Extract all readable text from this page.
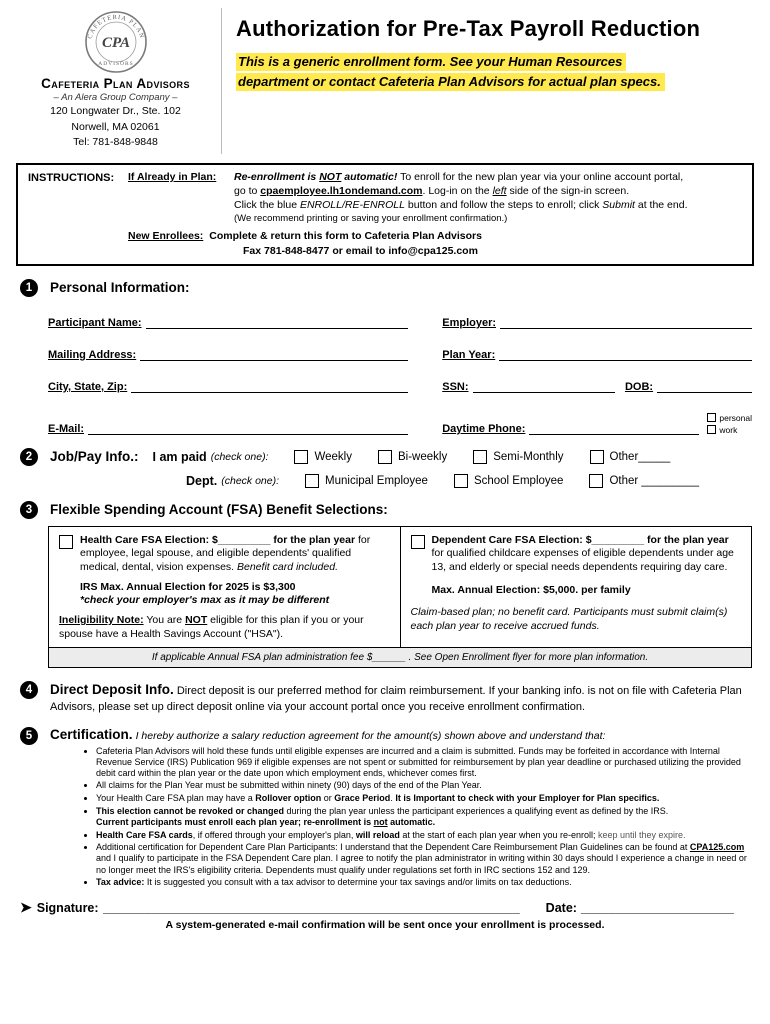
CAFETERIA PLAN
CPA
ADVISORS
Cafeteria Plan Advisors
– An Alera Group Company –
120 Longwater Dr., Ste. 102
Norwell, MA 02061
Tel: 781-848-9848
Authorization for Pre-Tax Payroll Reduction
This is a generic enrollment form. See your Human Resources
department or contact Cafeteria Plan Advisors for actual plan specs.
INSTRUCTIONS:	If Already in Plan:	Re-enrollment is NOT automatic! To enroll for the new plan year via your online account portal,
go to cpaemployee.lh1ondemand.com. Log-in on the left side of the sign-in screen.
Click the blue ENROLL/RE-ENROLL button and follow the steps to enroll; click Submit at the end.
(We recommend printing or saving your enrollment confirmation.)
New Enrollees: Complete & return this form to Cafeteria Plan Advisors
Fax 781-848-8477 or email to info@cpa125.com
1	Personal Information:
Participant Name:	Employer:
Mailing Address:	Plan Year:
City, State, Zip:	SSN:	DOB:
E-Mail:	Daytime Phone:
personal
work
2	Job/Pay Info.: I am paid (check one):	Weekly	Bi-weekly	Semi-Monthly	Other_____
Dept. (check one):	Municipal Employee	School Employee	Other _________
3	Flexible Spending Account (FSA) Benefit Selections:
Health Care FSA Election: $_________ for the plan year for employee, legal spouse, and eligible dependents' qualified medical, dental, vision expenses. Benefit card included.
IRS Max. Annual Election for 2025 is $3,300
*check your employer's max as it may be different
Ineligibility Note: You are NOT eligible for this plan if you or your spouse have a Health Savings Account ("HSA").
Dependent Care FSA Election: $_________ for the plan year for qualified childcare expenses of eligible dependents under age 13, and elderly or special needs dependents requiring day care.
Max. Annual Election: $5,000. per family
Claim-based plan; no benefit card. Participants must submit claim(s) each plan year to receive accrued funds.
If applicable Annual FSA plan administration fee $______ . See Open Enrollment flyer for more plan information.
4	Direct Deposit Info. Direct deposit is our preferred method for claim reimbursement. If your banking info. is not on file with Cafeteria Plan Advisors, please set up direct deposit online via your account portal once you receive enrollment confirmation.
5	Certification. I hereby authorize a salary reduction agreement for the amount(s) shown above and understand that:
• Cafeteria Plan Advisors will hold these funds until eligible expenses are incurred and a claim is submitted. Funds may be forfeited in accordance with Internal Revenue Service (IRS) Publication 969 if eligible expenses are not spent or submitted for reimbursement by plan year deadline or purchased utilizing the provided debit card within the plan year or the date upon which employment ends, whichever comes first.
• All claims for the Plan Year must be submitted within ninety (90) days of the end of the Plan Year.
• Your Health Care FSA plan may have a Rollover option or Grace Period. It is Important to check with your Employer for Plan specifics.
• This election cannot be revoked or changed during the plan year unless the participant experiences a qualifying event as defined by the IRS.
Current participants must enroll each plan year; re-enrollment is not automatic.
• Health Care FSA cards, if offered through your employer's plan, will reload at the start of each plan year when you re-enroll; keep until they expire.
• Additional certification for Dependent Care Plan Participants: I understand that the Dependent Care Reimbursement Plan Guidelines can be found at CPA125.com and I qualify to participate in the FSA Dependent Care plan. I agree to notify the plan administrator in writing within 30 days should I experience a change in need or no longer meet the IRS's eligibility criteria. Dependents must qualify under regulations set forth in IRC sections 152 and 129.
• Tax advice: It is suggested you consult with a tax advisor to determine your tax savings and/or limits on tax deductions.
➤ Signature: ____________________________________________________________ Date: ______________________
A system-generated e-mail confirmation will be sent once your enrollment is processed.
